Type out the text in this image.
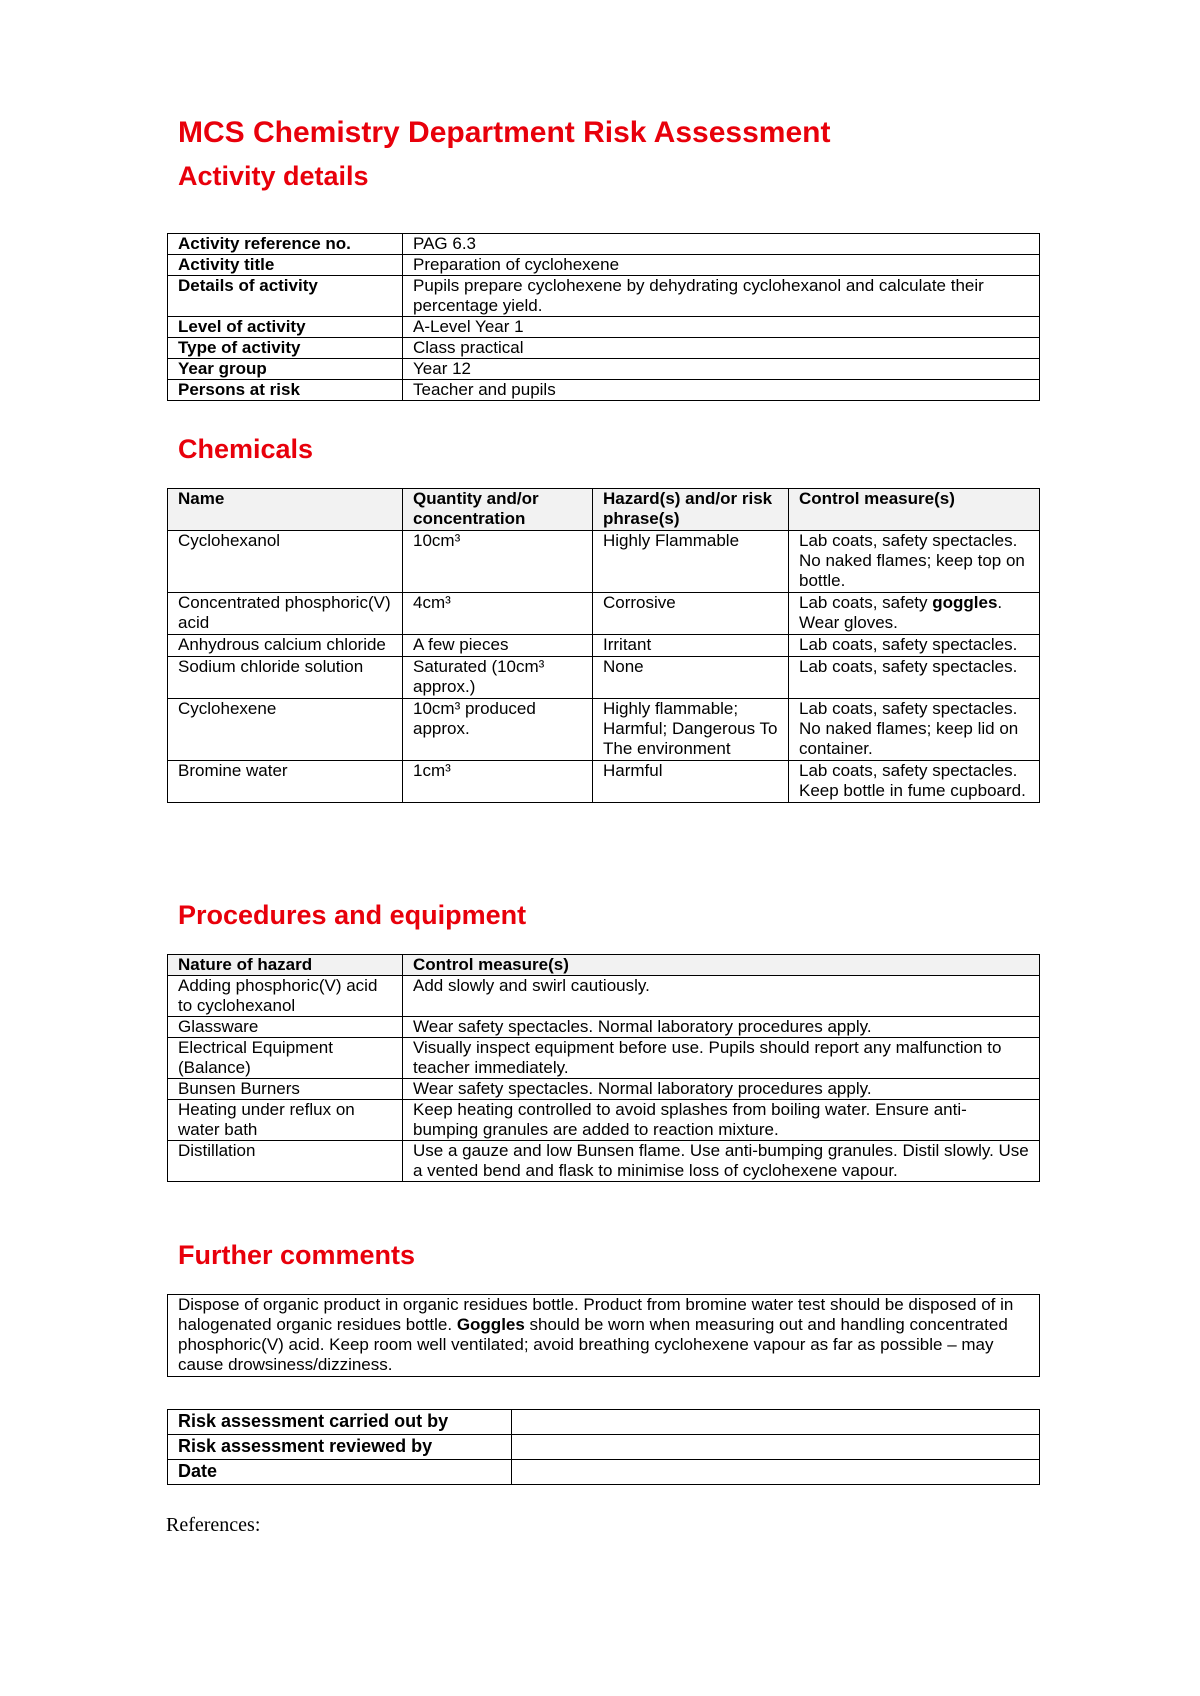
MCS Chemistry Department Risk Assessment
Activity details
Activity reference no.	PAG 6.3
Activity title	Preparation of cyclohexene
Details of activity	Pupils prepare cyclohexene by dehydrating cyclohexanol and calculate their percentage yield.
Level of activity	A-Level Year 1
Type of activity	Class practical
Year group	Year 12
Persons at risk	Teacher and pupils
Chemicals
Name	Quantity and/or concentration	Hazard(s) and/or risk phrase(s)	Control measure(s)
Cyclohexanol	10cm³	Highly Flammable	Lab coats, safety spectacles. No naked flames; keep top on bottle.
Concentrated phosphoric(V) acid	4cm³	Corrosive	Lab coats, safety goggles. Wear gloves.
Anhydrous calcium chloride	A few pieces	Irritant	Lab coats, safety spectacles.
Sodium chloride solution	Saturated (10cm³ approx.)	None	Lab coats, safety spectacles.
Cyclohexene	10cm³ produced approx.	Highly flammable; Harmful; Dangerous To The environment	Lab coats, safety spectacles. No naked flames; keep lid on container.
Bromine water	1cm³	Harmful	Lab coats, safety spectacles. Keep bottle in fume cupboard.
Procedures and equipment
Nature of hazard	Control measure(s)
Adding phosphoric(V) acid to cyclohexanol	Add slowly and swirl cautiously.
Glassware	Wear safety spectacles. Normal laboratory procedures apply.
Electrical Equipment (Balance)	Visually inspect equipment before use. Pupils should report any malfunction to teacher immediately.
Bunsen Burners	Wear safety spectacles. Normal laboratory procedures apply.
Heating under reflux on water bath	Keep heating controlled to avoid splashes from boiling water. Ensure anti-bumping granules are added to reaction mixture.
Distillation	Use a gauze and low Bunsen flame. Use anti-bumping granules. Distil slowly. Use a vented bend and flask to minimise loss of cyclohexene vapour.
Further comments
Dispose of organic product in organic residues bottle. Product from bromine water test should be disposed of in halogenated organic residues bottle. Goggles should be worn when measuring out and handling concentrated phosphoric(V) acid. Keep room well ventilated; avoid breathing cyclohexene vapour as far as possible – may cause drowsiness/dizziness.
Risk assessment carried out by	
Risk assessment reviewed by	
Date	
References:
